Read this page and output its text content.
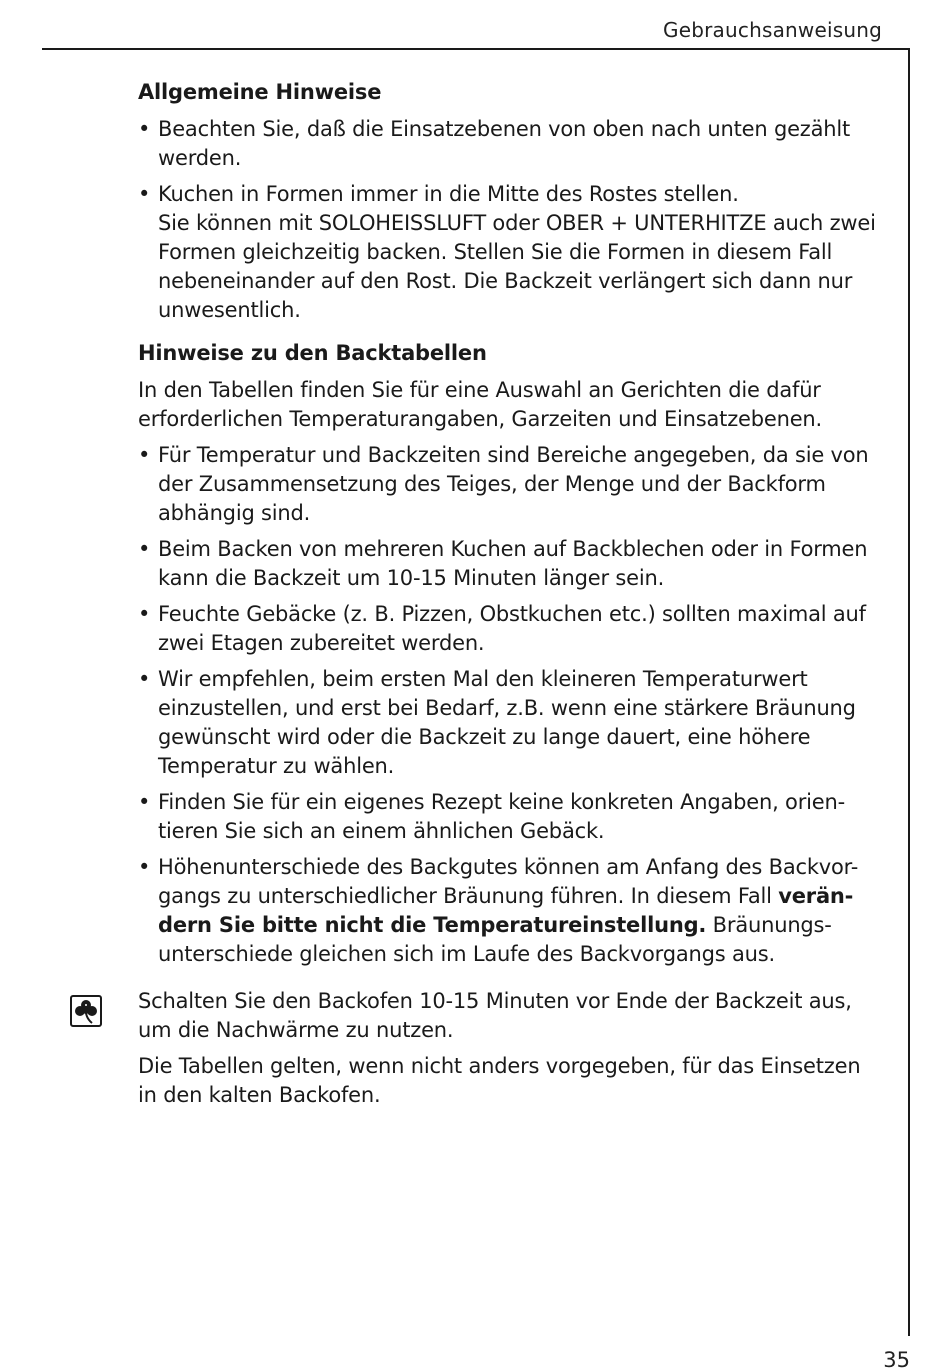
Gebrauchsanweisung
Allgemeine Hinweise
• Beachten Sie, daß die Einsatzebenen von oben nach unten gezählt werden.
• Kuchen in Formen immer in die Mitte des Rostes stellen.
Sie können mit SOLOHEISSLUFT oder OBER + UNTERHITZE auch zwei Formen gleichzeitig backen. Stellen Sie die Formen in diesem Fall nebeneinander auf den Rost. Die Backzeit verlängert sich dann nur unwesentlich.
Hinweise zu den Backtabellen
In den Tabellen finden Sie für eine Auswahl an Gerichten die dafür erforderlichen Temperaturangaben, Garzeiten und Einsatzebenen.
• Für Temperatur und Backzeiten sind Bereiche angegeben, da sie von der Zusammensetzung des Teiges, der Menge und der Backform abhängig sind.
• Beim Backen von mehreren Kuchen auf Backblechen oder in Formen kann die Backzeit um 10-15 Minuten länger sein.
• Feuchte Gebäcke (z. B. Pizzen, Obstkuchen etc.) sollten maximal auf zwei Etagen zubereitet werden.
• Wir empfehlen, beim ersten Mal den kleineren Temperaturwert einzustellen, und erst bei Bedarf, z.B. wenn eine stärkere Bräunung gewünscht wird oder die Backzeit zu lange dauert, eine höhere Temperatur zu wählen.
• Finden Sie für ein eigenes Rezept keine konkreten Angaben, orien-tieren Sie sich an einem ähnlichen Gebäck.
• Höhenunterschiede des Backgutes können am Anfang des Backvor-gangs zu unterschiedlicher Bräunung führen. In diesem Fall verän-dern Sie bitte nicht die Temperatureinstellung. Bräunungs-unterschiede gleichen sich im Laufe des Backvorgangs aus.
Schalten Sie den Backofen 10-15 Minuten vor Ende der Backzeit aus, um die Nachwärme zu nutzen.
Die Tabellen gelten, wenn nicht anders vorgegeben, für das Einsetzen in den kalten Backofen.
35
